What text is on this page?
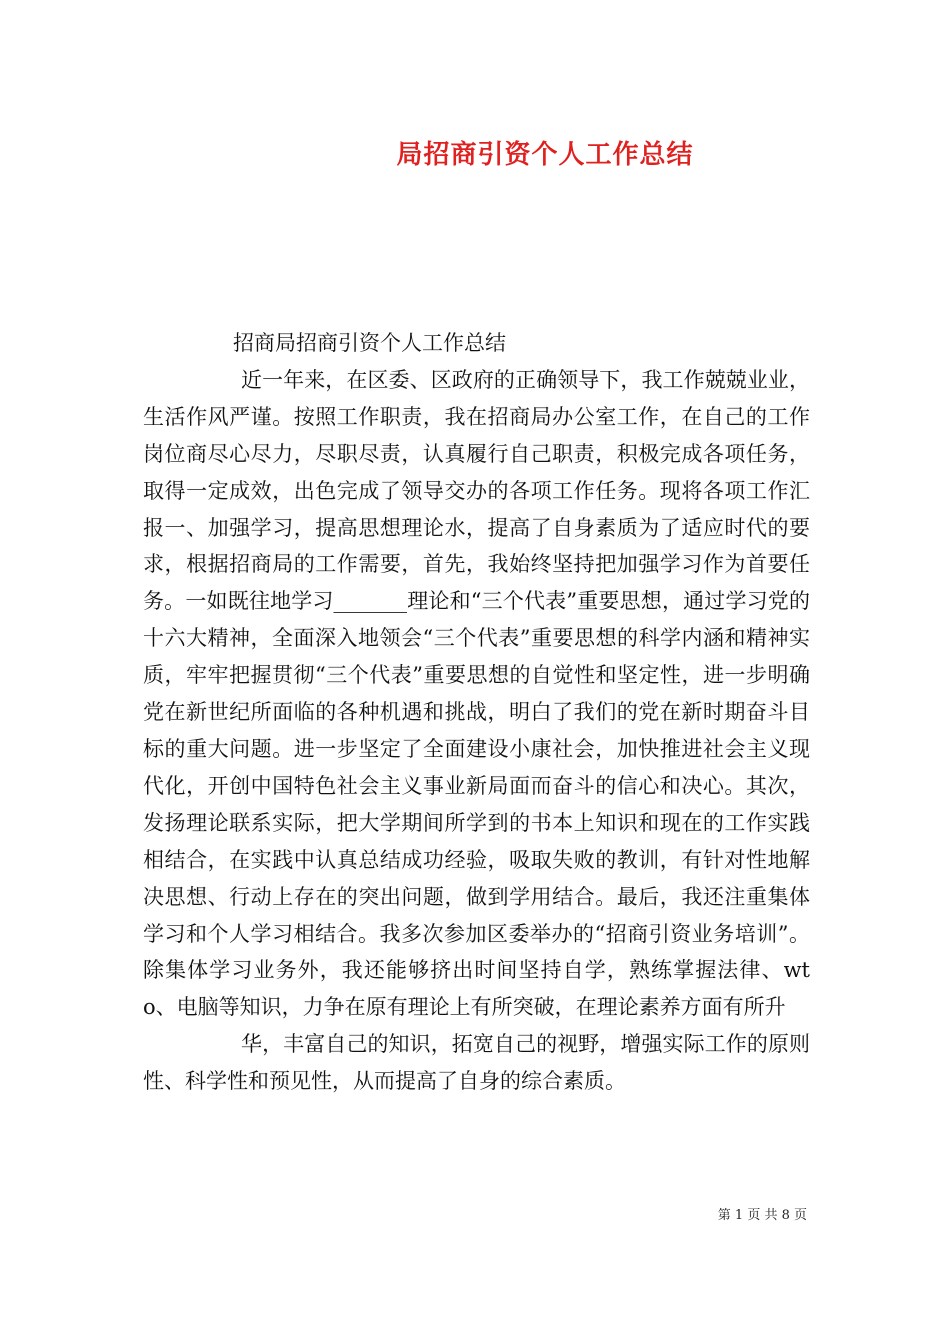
局招商引资个人工作总结

招商局招商引资个人工作总结

近一年来，在区委、区政府的正确领导下，我工作兢兢业业，生活作风严谨。按照工作职责，我在招商局办公室工作，在自己的工作岗位商尽心尽力，尽职尽责，认真履行自己职责，积极完成各项任务，取得一定成效，出色完成了领导交办的各项工作任务。现将各项工作汇报一、加强学习，提高思想理论水，提高了自身素质为了适应时代的要求，根据招商局的工作需要，首先，我始终坚持把加强学习作为首要任务。一如既往地学习_______理论和“三个代表”重要思想，通过学习党的十六大精神，全面深入地领会“三个代表”重要思想的科学内涵和精神实质，牢牢把握贯彻“三个代表”重要思想的自觉性和坚定性，进一步明确党在新世纪所面临的各种机遇和挑战，明白了我们的党在新时期奋斗目标的重大问题。进一步坚定了全面建设小康社会，加快推进社会主义现代化，开创中国特色社会主义事业新局面而奋斗的信心和决心。其次，发扬理论联系实际，把大学期间所学到的书本上知识和现在的工作实践相结合，在实践中认真总结成功经验，吸取失败的教训，有针对性地解决思想、行动上存在的突出问题，做到学用结合。最后，我还注重集体学习和个人学习相结合。我多次参加区委举办的“招商引资业务培训”。除集体学习业务外，我还能够挤出时间坚持自学，熟练掌握法律、wto、电脑等知识，力争在原有理论上有所突破，在理论素养方面有所升

华，丰富自己的知识，拓宽自己的视野，增强实际工作的原则性、科学性和预见性，从而提高了自身的综合素质。

第 1 页 共 8 页
